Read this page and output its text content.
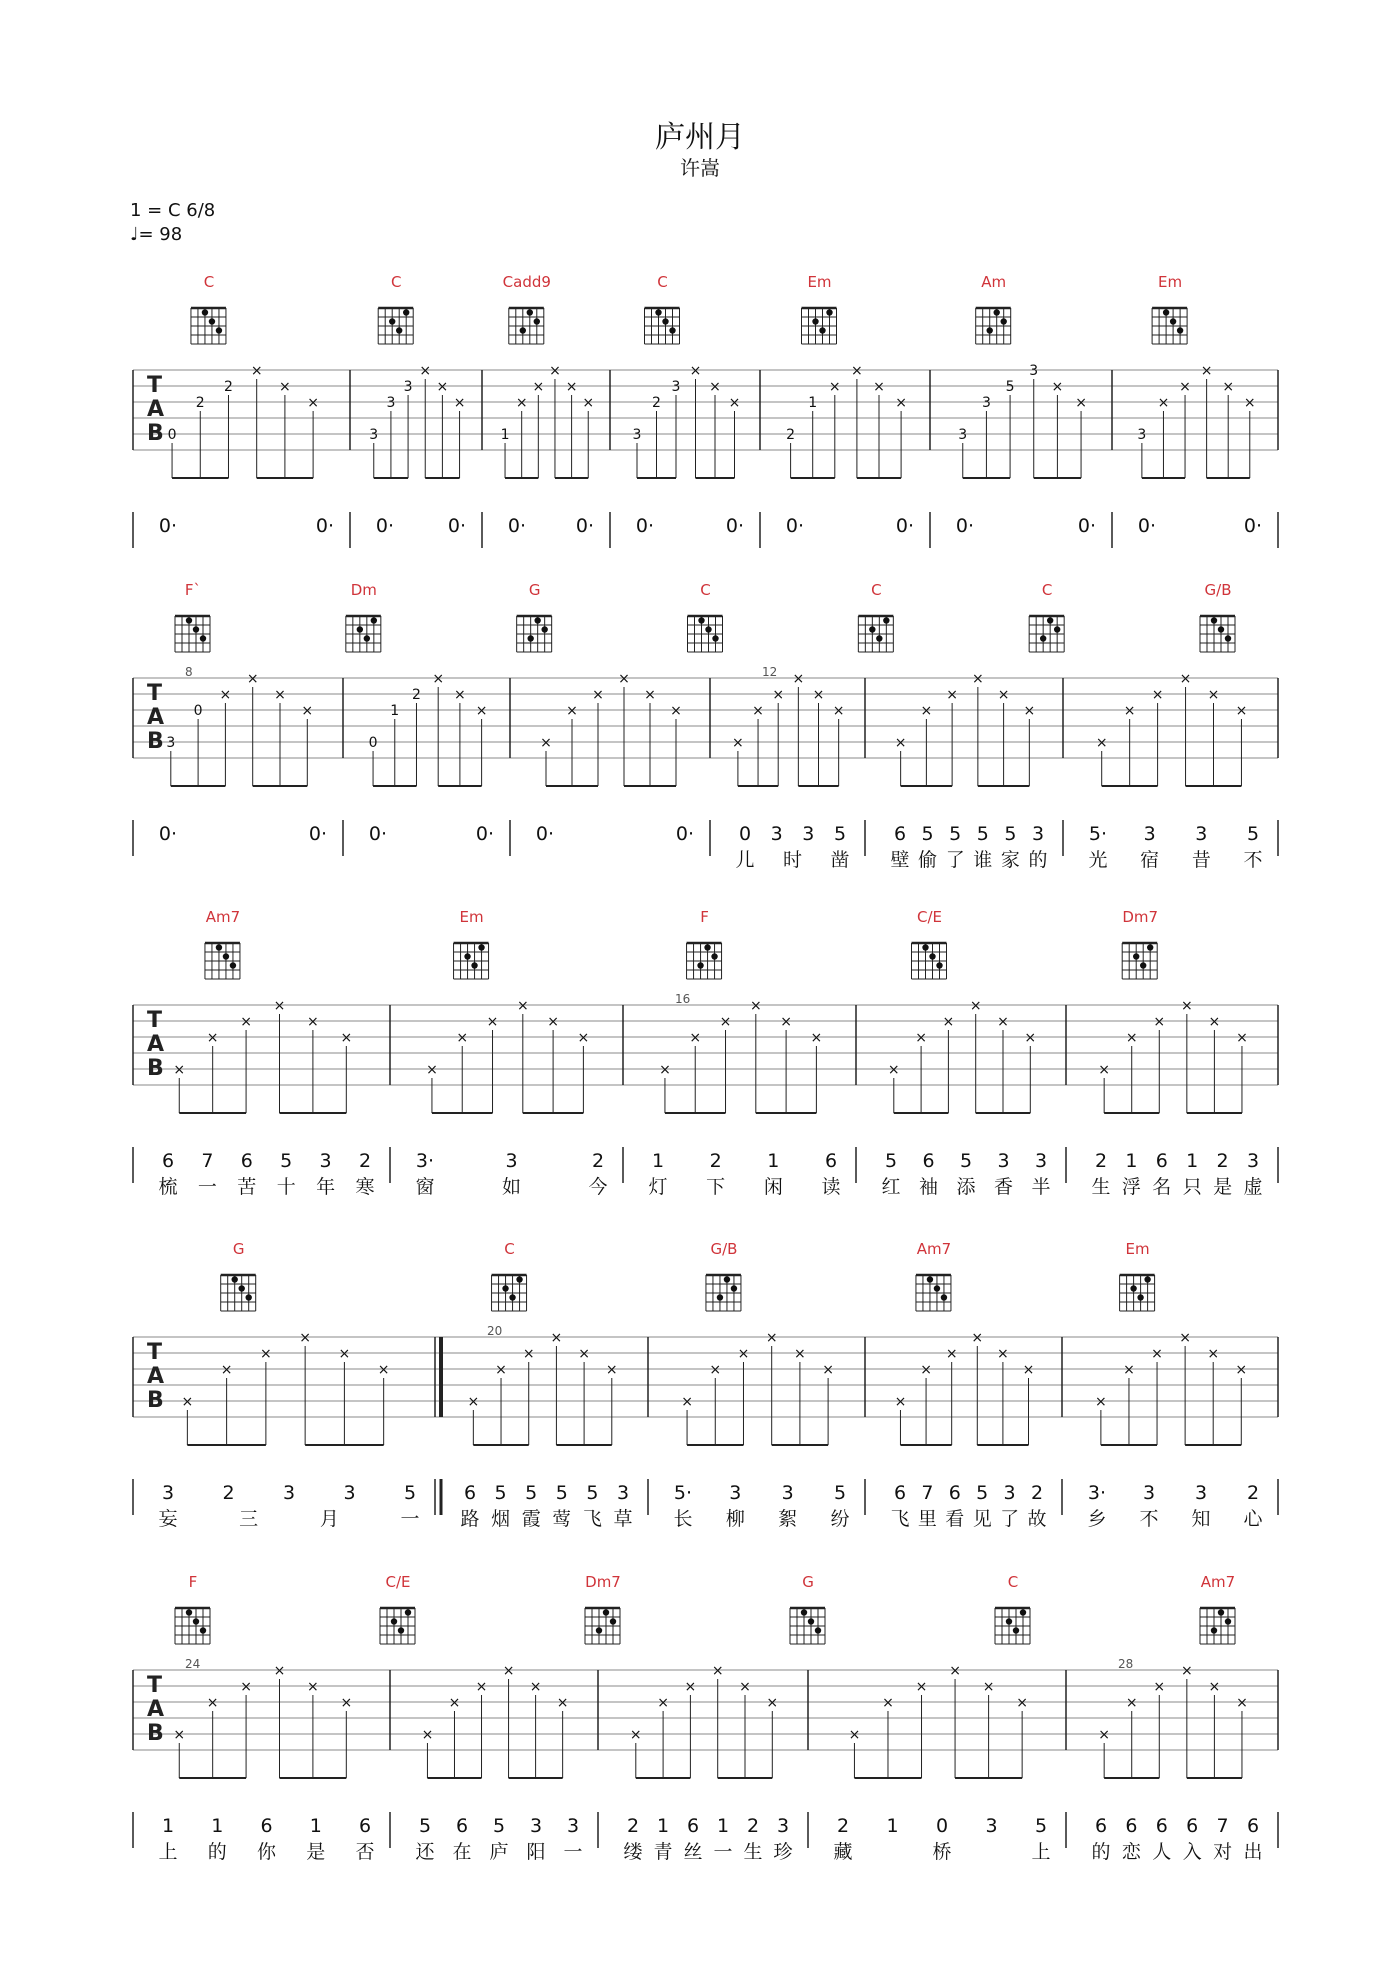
庐州月
许嵩
1 = C 6/8
♩= 98
T
A
B
C	C	Cadd9	C	Em	Am	Em
0
2
2
×
×
×
3
3
3
×
×
×
1
×
×
×
×
×
3
2
3
×
×
×
2
1
×
×
×
×
3
3
5
3
×
×
3
×
×
×
×
×
0·	0· 0·	0· 0·	0· 0·	0· 0·	0· 0·	0· 0·	0·
T
A
B
8	12
F`	Dm	G	C	C	C	G/B
3
0
×
×
×
×
0
1
2
×
×
×
×
×
×
×
×
×
×
×
×
×
×
×
×
×
×
×
×
×
×
×
×
×
×
×
0·	0· 0·	0· 0·	0· 0 3 3 5
儿 时 凿
6 5 5 5 5 3
壁 偷 了 谁 家 的
5· 3 3 5
光 宿 昔 不
T
A
B
16
Am7	Em	F	C/E	Dm7
×
×
×
×
×
×
×
×
×
×
×
×
×
×
×
×
×
×
×
×
×
×
×
×
×
×
×
×
×
×
6 7 6 5 3 2
梳 一 苦 十 年 寒
3·	3	2
窗	如	今
1 2 1 6
灯 下 闲 读
5 6 5 3 3
红 袖 添 香 半
2 1 6 1 2 3
生 浮 名 只 是 虚
T
A
B
20
G	C	G/B	Am7	Em
×
×
×
×
×
×
×
×
×
×
×
×
×
×
×
×
×
×
×
×
×
×
×
×
×
×
×
×
×
×
3	2	3	3	5
妄	三	月	一
6 5 5 5 5 3
路 烟 霞 莺 飞 草
5· 3 3 5
长 柳 絮 纷
6 7 6 5 3 2
飞 里 看 见 了 故
3· 3 3 2
乡 不 知 心
T
A
B
24	28
F	C/E	Dm7	G	C	Am7
×
×
×
×
×
×
×
×
×
×
×
×
×
×
×
×
×
×
×
×
×
×
×
×
×
×
×
×
×
×
1 1 6 1 6
上 的 你 是 否
5 6 5 3 3
还 在 庐 阳 一
2 1 6 1 2 3
缕 青 丝 一 生 珍
2 1 0 3 5
藏	桥	上
6 6 6 6 7 6
的 恋 人 入 对 出
